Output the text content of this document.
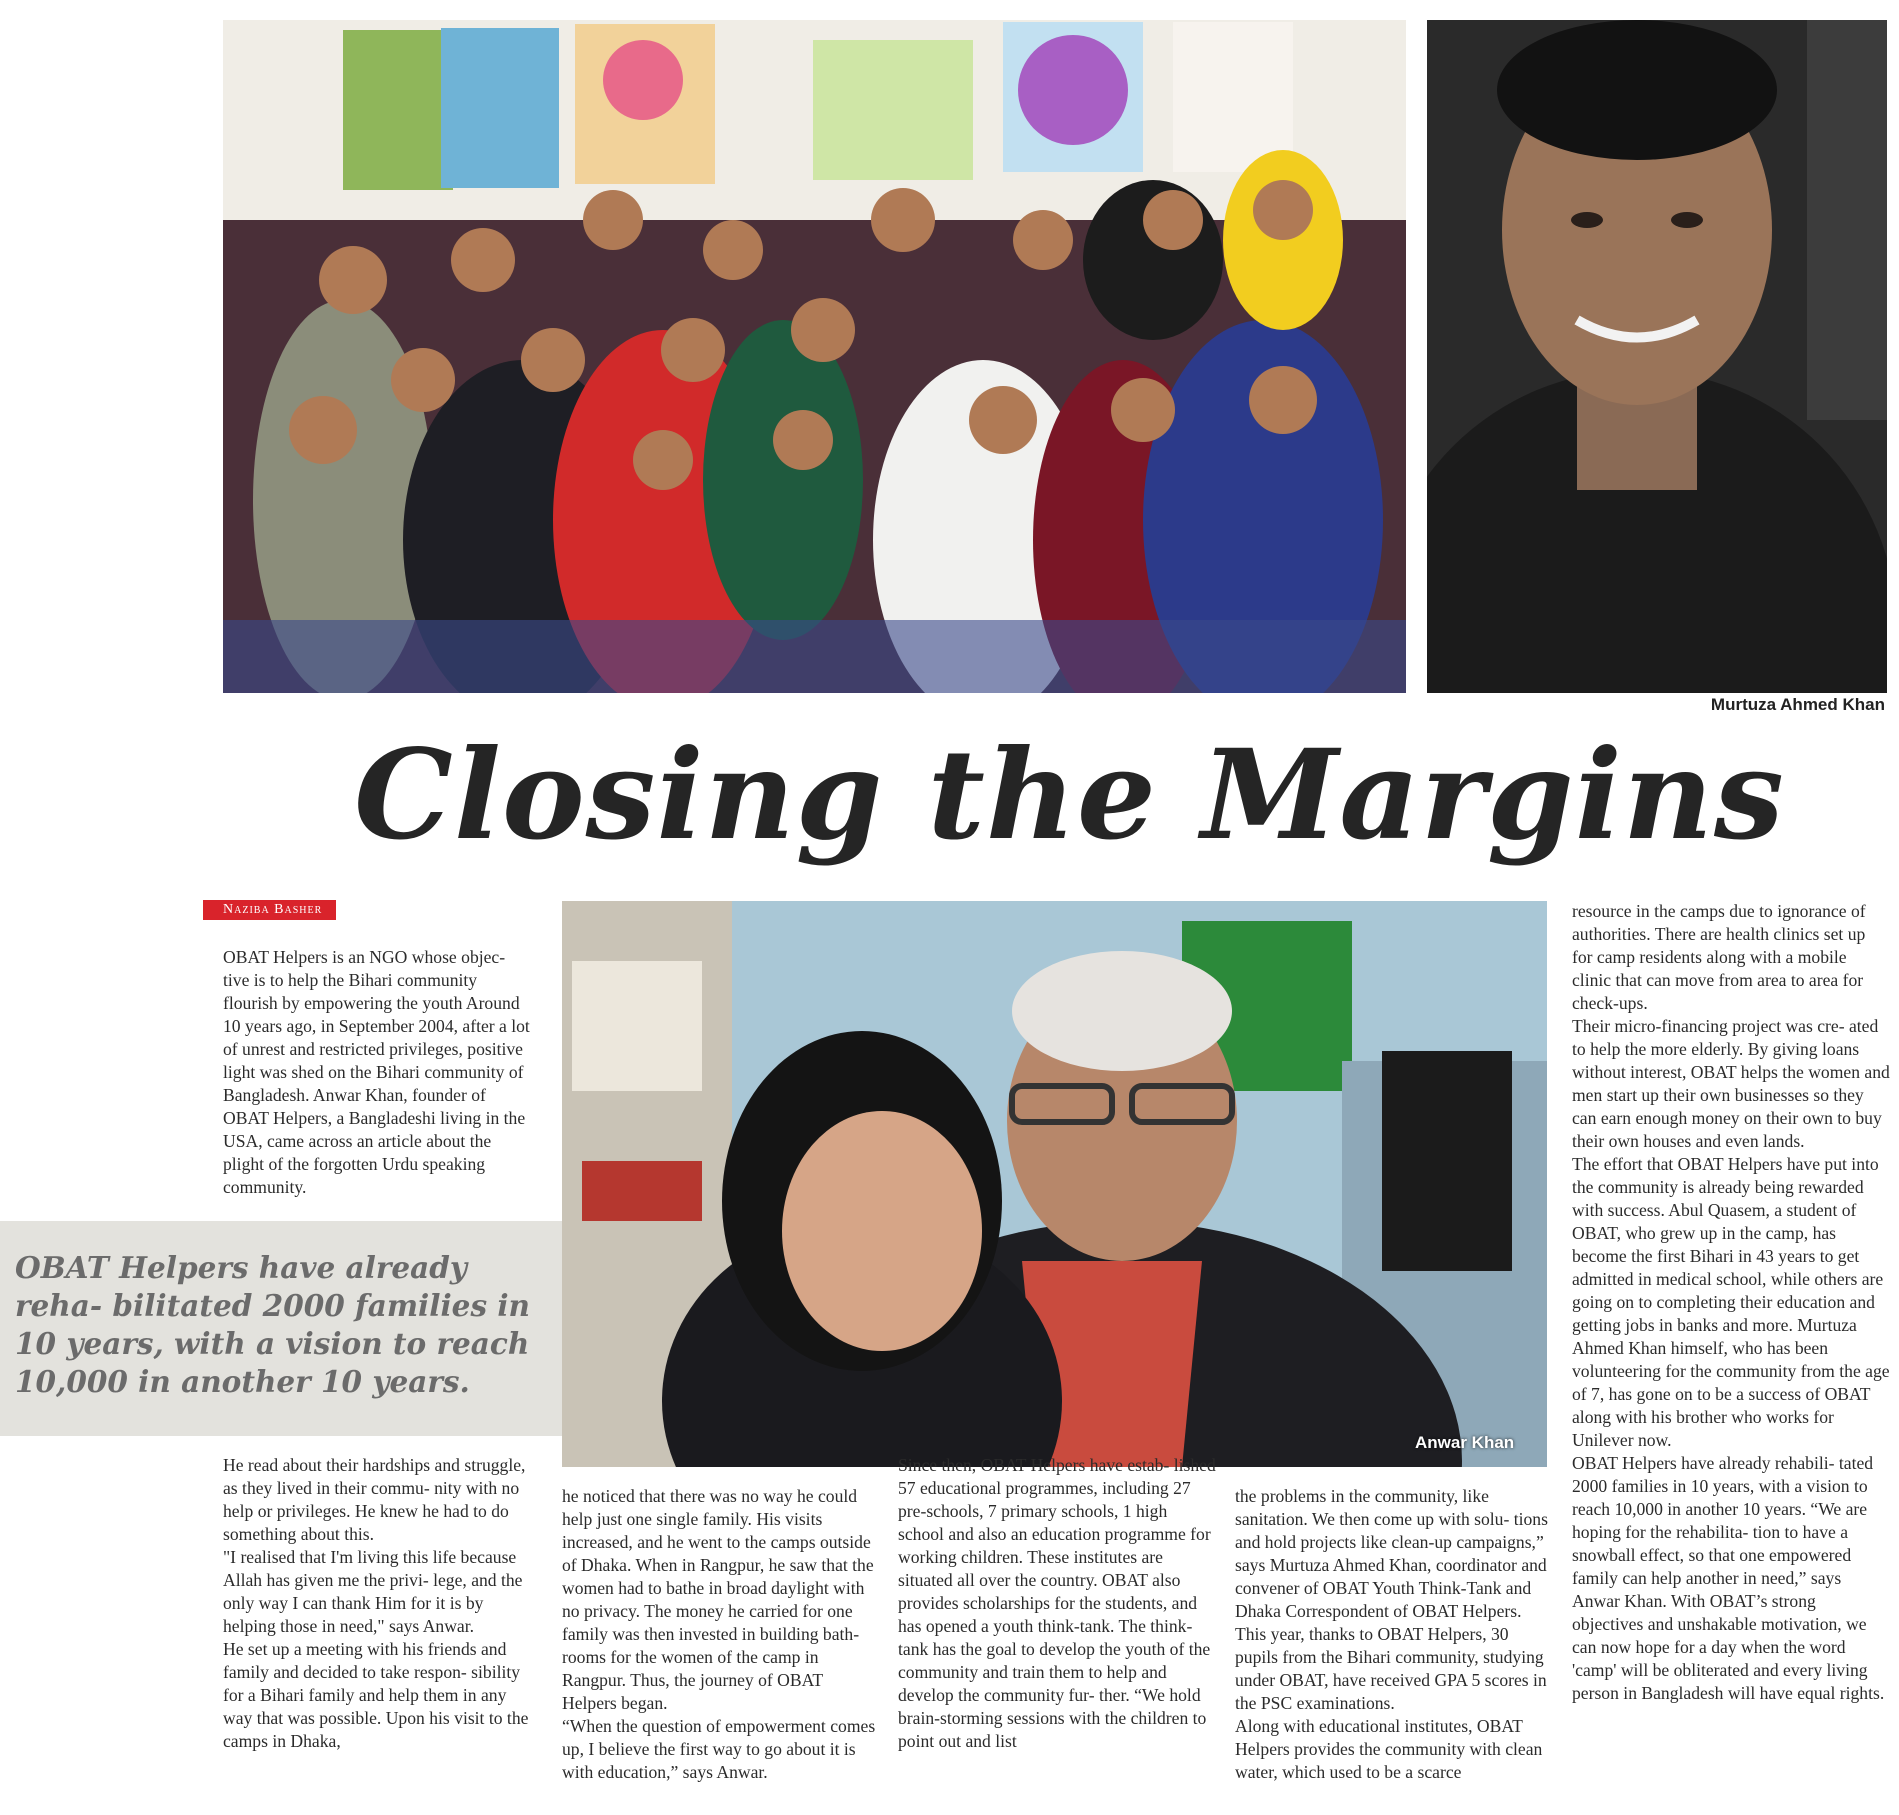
Murtuza Ahmed Khan
Closing the Margins
Naziba Basher
Anwar Khan
OBAT Helpers have already reha- bilitated 2000 families in 10 years, with a vision to reach 10,000 in another 10 years.

OBAT Helpers is an NGO whose objec- tive is to help the Bihari community flourish by empowering the youth Around 10 years ago, in September 2004, after a lot of unrest and restricted privileges, positive light was shed on the Bihari community of Bangladesh. Anwar Khan, founder of OBAT Helpers, a Bangladeshi living in the USA, came across an article about the plight of the forgotten Urdu speaking community.

He read about their hardships and struggle, as they lived in their commu- nity with no help or privileges. He knew he had to do something about this.

"I realised that I'm living this life because Allah has given me the privi- lege, and the only way I can thank Him for it is by helping those in need," says Anwar.

He set up a meeting with his friends and family and decided to take respon- sibility for a Bihari family and help them in any way that was possible. Upon his visit to the camps in Dhaka,

he noticed that there was no way he could help just one single family. His visits increased, and he went to the camps outside of Dhaka. When in Rangpur, he saw that the women had to bathe in broad daylight with no privacy. The money he carried for one family was then invested in building bath- rooms for the women of the camp in Rangpur. Thus, the journey of OBAT Helpers began.

“When the question of empowerment comes up, I believe the first way to go about it is with education,” says Anwar.

Since then, OBAT Helpers have estab- lished 57 educational programmes, including 27 pre-schools, 7 primary schools, 1 high school and also an education programme for working children. These institutes are situated all over the country. OBAT also provides scholarships for the students, and has opened a youth think-tank. The think- tank has the goal to develop the youth of the community and train them to help and develop the community fur- ther. “We hold brain-storming sessions with the children to point out and list

the problems in the community, like sanitation. We then come up with solu- tions and hold projects like clean-up campaigns,” says Murtuza Ahmed Khan, coordinator and convener of OBAT Youth Think-Tank and Dhaka Correspondent of OBAT Helpers. This year, thanks to OBAT Helpers, 30 pupils from the Bihari community, studying under OBAT, have received GPA 5 scores in the PSC examinations.

Along with educational institutes, OBAT Helpers provides the community with clean water, which used to be a scarce

resource in the camps due to ignorance of authorities. There are health clinics set up for camp residents along with a mobile clinic that can move from area to area for check-ups.

Their micro-financing project was cre- ated to help the more elderly. By giving loans without interest, OBAT helps the women and men start up their own businesses so they can earn enough money on their own to buy their own houses and even lands.

The effort that OBAT Helpers have put into the community is already being rewarded with success. Abul Quasem, a student of OBAT, who grew up in the camp, has become the first Bihari in 43 years to get admitted in medical school, while others are going on to completing their education and getting jobs in banks and more. Murtuza Ahmed Khan himself, who has been volunteering for the community from the age of 7, has gone on to be a success of OBAT along with his brother who works for Unilever now.

OBAT Helpers have already rehabili- tated 2000 families in 10 years, with a vision to reach 10,000 in another 10 years. “We are hoping for the rehabilita- tion to have a snowball effect, so that one empowered family can help another in need,” says Anwar Khan. With OBAT’s strong objectives and unshakable motivation, we can now hope for a day when the word 'camp' will be obliterated and every living person in Bangladesh will have equal rights.
